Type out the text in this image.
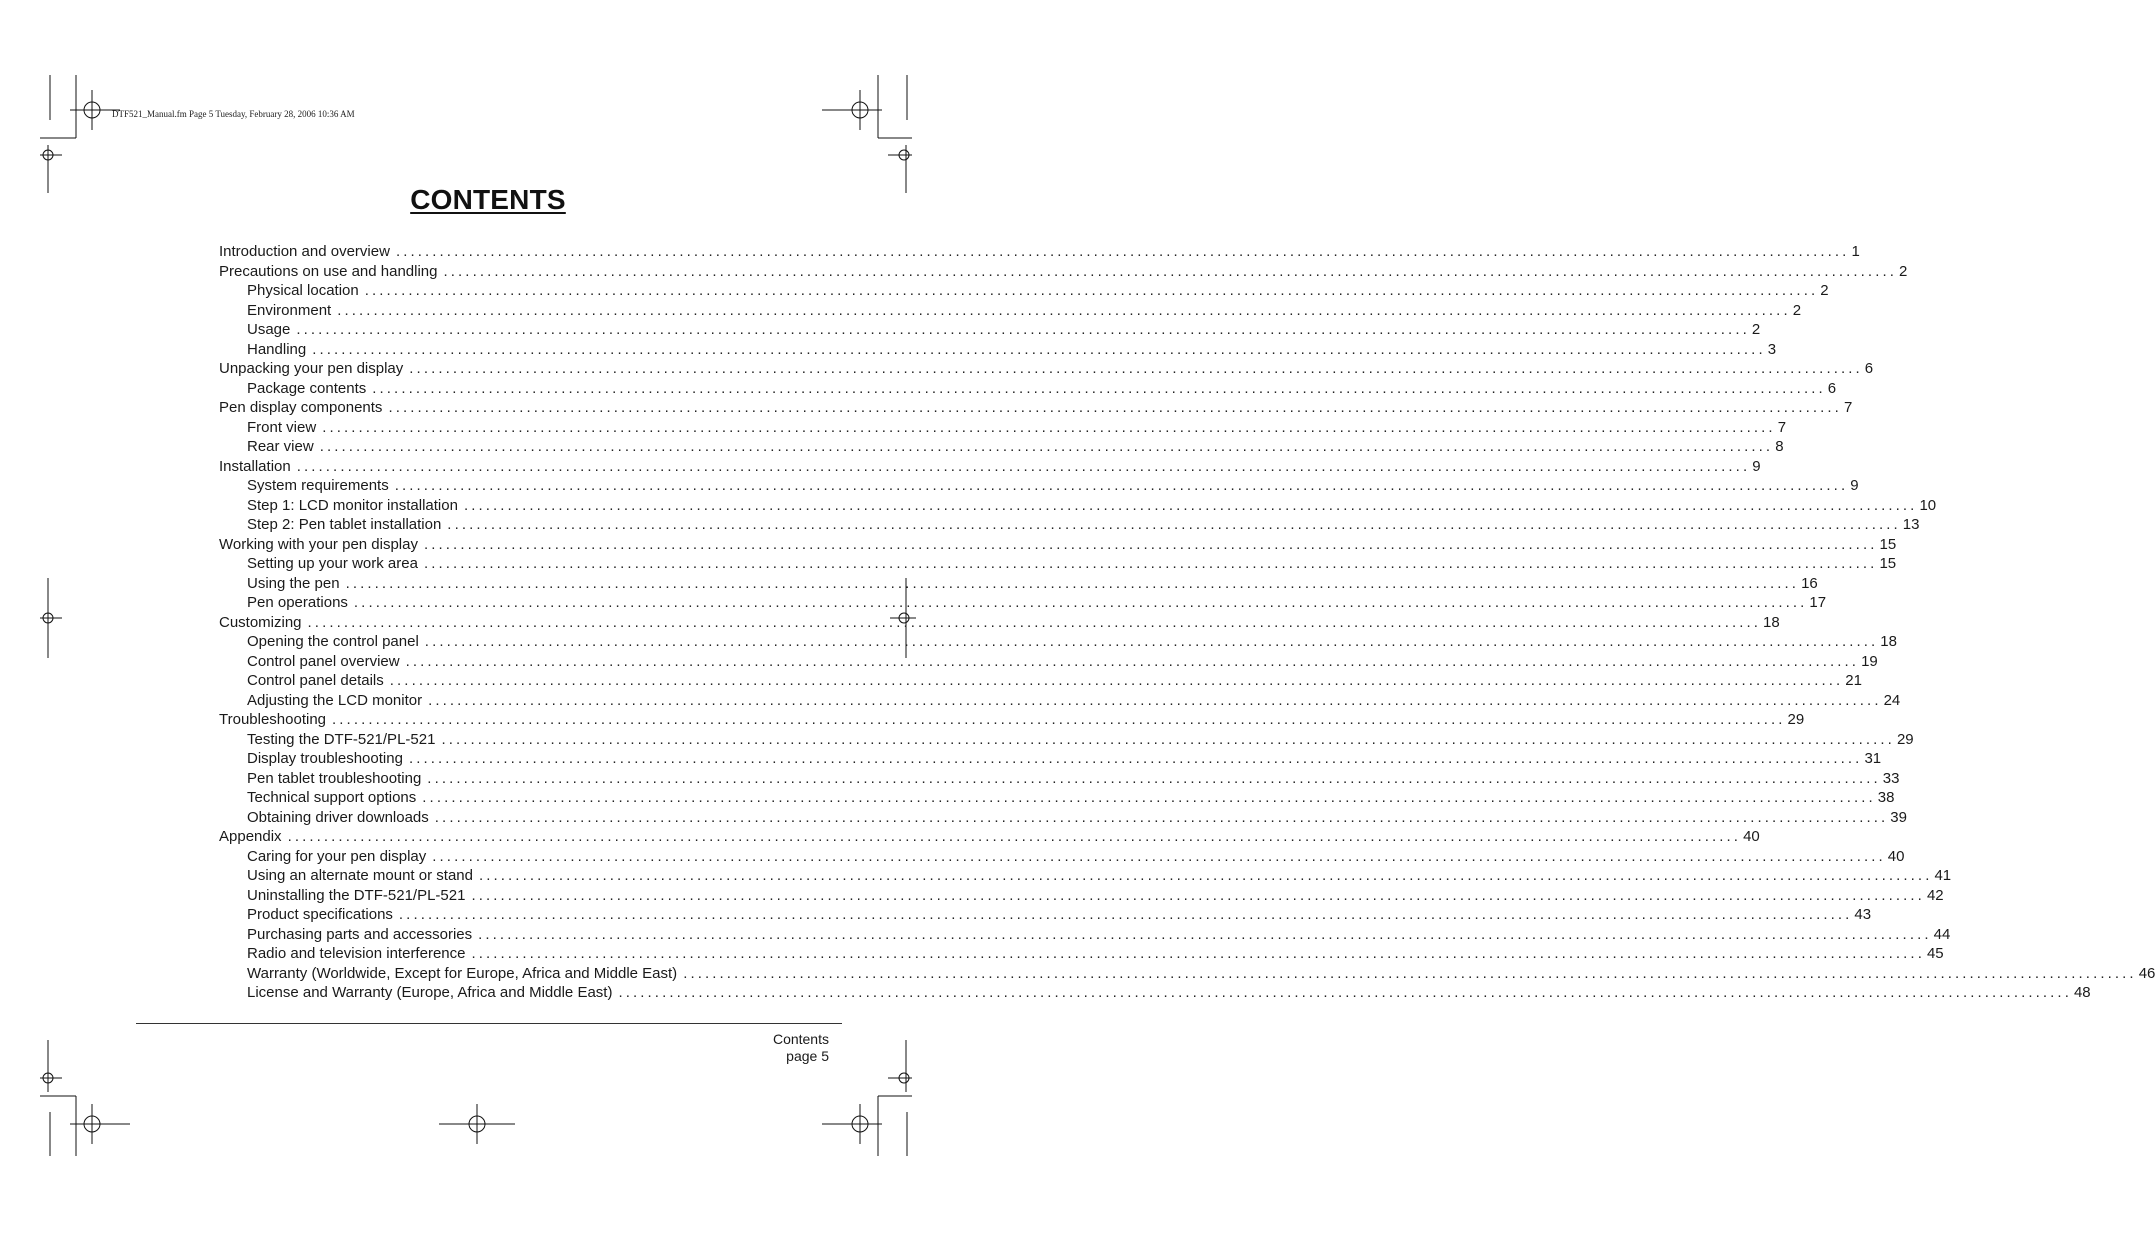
DTF521_Manual.fm Page 5 Tuesday, February 28, 2006 10:36 AM
CONTENTS
Introduction and overview ........................................................................................................................................................................................................ 1
Precautions on use and handling ........................................................................................................................................................................................................ 2
Physical location ........................................................................................................................................................................................................ 2
Environment ........................................................................................................................................................................................................ 2
Usage ........................................................................................................................................................................................................ 2
Handling ........................................................................................................................................................................................................ 3
Unpacking your pen display ........................................................................................................................................................................................................ 6
Package contents ........................................................................................................................................................................................................ 6
Pen display components ........................................................................................................................................................................................................ 7
Front view ........................................................................................................................................................................................................ 7
Rear view ........................................................................................................................................................................................................ 8
Installation ........................................................................................................................................................................................................ 9
System requirements ........................................................................................................................................................................................................ 9
Step 1: LCD monitor installation ........................................................................................................................................................................................................ 10
Step 2: Pen tablet installation ........................................................................................................................................................................................................ 13
Working with your pen display ........................................................................................................................................................................................................ 15
Setting up your work area ........................................................................................................................................................................................................ 15
Using the pen ........................................................................................................................................................................................................ 16
Pen operations ........................................................................................................................................................................................................ 17
Customizing ........................................................................................................................................................................................................ 18
Opening the control panel ........................................................................................................................................................................................................ 18
Control panel overview ........................................................................................................................................................................................................ 19
Control panel details ........................................................................................................................................................................................................ 21
Adjusting the LCD monitor ........................................................................................................................................................................................................ 24
Troubleshooting ........................................................................................................................................................................................................ 29
Testing the DTF-521/PL-521 ........................................................................................................................................................................................................ 29
Display troubleshooting ........................................................................................................................................................................................................ 31
Pen tablet troubleshooting ........................................................................................................................................................................................................ 33
Technical support options ........................................................................................................................................................................................................ 38
Obtaining driver downloads ........................................................................................................................................................................................................ 39
Appendix ........................................................................................................................................................................................................ 40
Caring for your pen display ........................................................................................................................................................................................................ 40
Using an alternate mount or stand ........................................................................................................................................................................................................ 41
Uninstalling the DTF-521/PL-521 ........................................................................................................................................................................................................ 42
Product specifications ........................................................................................................................................................................................................ 43
Purchasing parts and accessories ........................................................................................................................................................................................................ 44
Radio and television interference ........................................................................................................................................................................................................ 45
Warranty (Worldwide, Except for Europe, Africa and Middle East) ........................................................................................................................................................................................................ 46
License and Warranty (Europe, Africa and Middle East) ........................................................................................................................................................................................................ 48
Contents
page 5
